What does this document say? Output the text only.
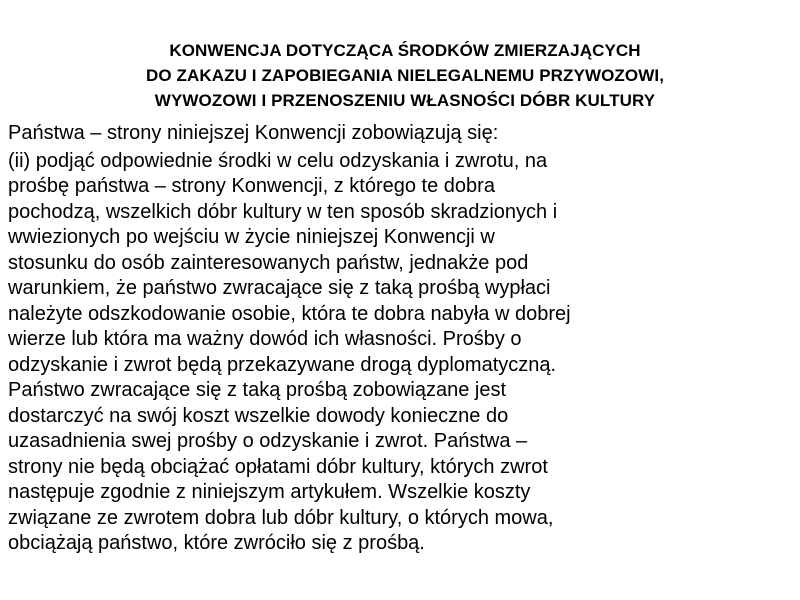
KONWENCJA DOTYCZĄCA ŚRODKÓW ZMIERZAJĄCYCH
DO ZAKAZU I ZAPOBIEGANIA NIELEGALNEMU PRZYWOZOWI,
WYWOZOWI I PRZENOSZENIU WŁASNOŚCI DÓBR KULTURY
Państwa – strony niniejszej Konwencji zobowiązują się:
(ii) podjąć odpowiednie środki w celu odzyskania i zwrotu, na
prośbę państwa – strony Konwencji, z którego te dobra
pochodzą, wszelkich dóbr kultury w ten sposób skradzionych i
wwiezionych po wejściu w życie niniejszej Konwencji w
stosunku do osób zainteresowanych państw, jednakże pod
warunkiem, że państwo zwracające się z taką prośbą wypłaci
należyte odszkodowanie osobie, która te dobra nabyła w dobrej
wierze lub która ma ważny dowód ich własności. Prośby o
odzyskanie i zwrot będą przekazywane drogą dyplomatyczną.
Państwo zwracające się z taką prośbą zobowiązane jest
dostarczyć na swój koszt wszelkie dowody konieczne do
uzasadnienia swej prośby o odzyskanie i zwrot. Państwa –
strony nie będą obciążać opłatami dóbr kultury, których zwrot
następuje zgodnie z niniejszym artykułem. Wszelkie koszty
związane ze zwrotem dobra lub dóbr kultury, o których mowa,
obciążają państwo, które zwróciło się z prośbą.
